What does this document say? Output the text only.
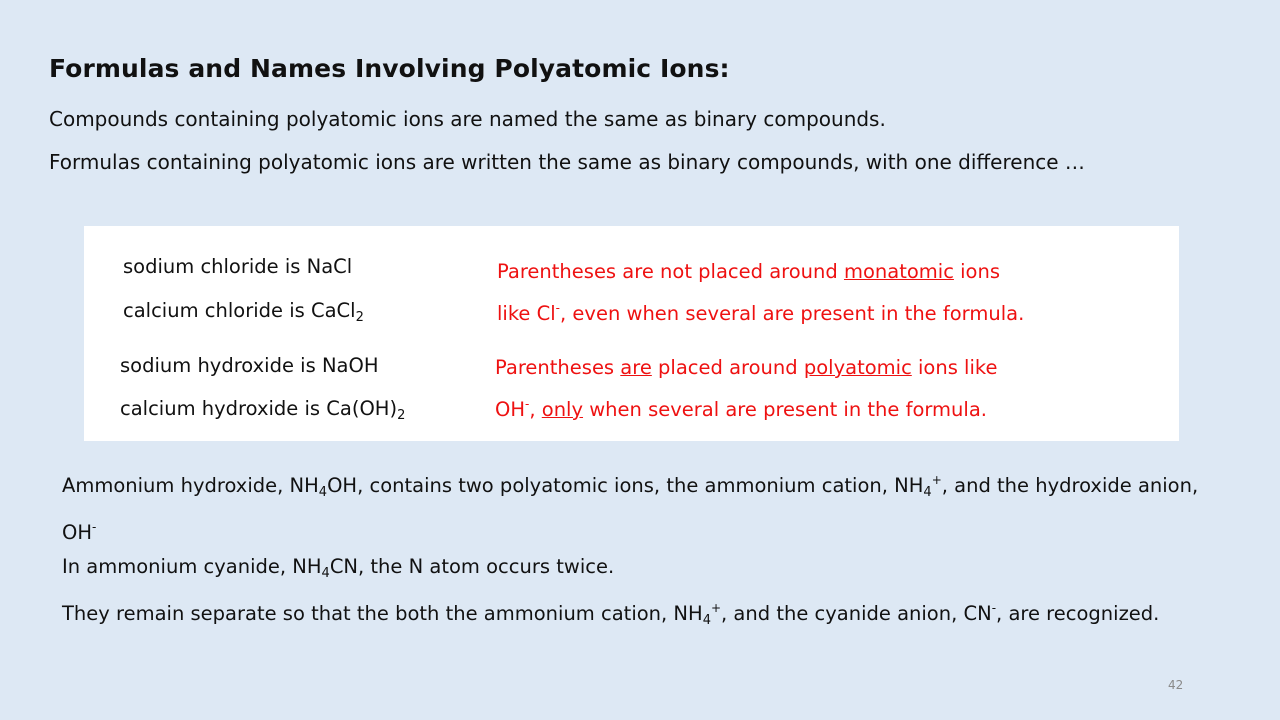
Formulas and Names Involving Polyatomic Ions:
Compounds containing polyatomic ions are named the same as binary compounds.
Formulas containing polyatomic ions are written the same as binary compounds, with one difference …
sodium chloride is NaCl
calcium chloride is CaCl$_2$
sodium hydroxide is NaOH
calcium hydroxide is $Ca(OH)_2$
Parentheses are not placed around monatomic ions
like Cl-, even when several are present in the formula.
Parentheses are placed around polyatomic ions like
OH-, only when several are present in the formula.

Ammonium hydroxide, $NH_4OH$, contains two polyatomic ions, the ammonium cation, $NH_4^+$, and the hydroxide anion, OH-

In ammonium cyanide, $NH_4CN$, the N atom occurs twice.

They remain separate so that the both the ammonium cation, $NH_4^+$, and the cyanide anion, CN-, are recognized.

42
